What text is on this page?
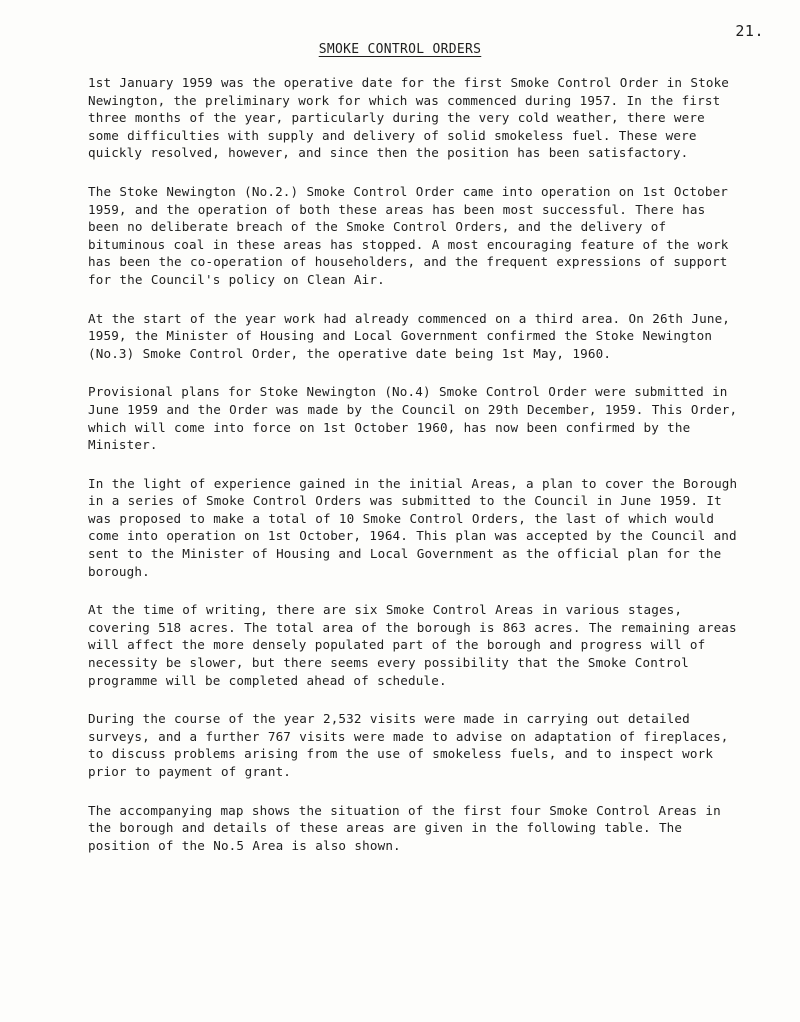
21.
SMOKE CONTROL ORDERS

1st January 1959 was the operative date for the first Smoke Control Order in Stoke Newington, the preliminary work for which was commenced during 1957. In the first three months of the year, particularly during the very cold weather, there were some difficulties with supply and delivery of solid smokeless fuel. These were quickly resolved, however, and since then the position has been satisfactory.

The Stoke Newington (No.2.) Smoke Control Order came into operation on 1st October 1959, and the operation of both these areas has been most successful. There has been no deliberate breach of the Smoke Control Orders, and the delivery of bituminous coal in these areas has stopped. A most encouraging feature of the work has been the co-operation of householders, and the frequent expressions of support for the Council's policy on Clean Air.

At the start of the year work had already commenced on a third area. On 26th June, 1959, the Minister of Housing and Local Government confirmed the Stoke Newington (No.3) Smoke Control Order, the operative date being 1st May, 1960.

Provisional plans for Stoke Newington (No.4) Smoke Control Order were submitted in June 1959 and the Order was made by the Council on 29th December, 1959. This Order, which will come into force on 1st October 1960, has now been confirmed by the Minister.

In the light of experience gained in the initial Areas, a plan to cover the Borough in a series of Smoke Control Orders was submitted to the Council in June 1959. It was proposed to make a total of 10 Smoke Control Orders, the last of which would come into operation on 1st October, 1964. This plan was accepted by the Council and sent to the Minister of Housing and Local Government as the official plan for the borough.

At the time of writing, there are six Smoke Control Areas in various stages, covering 518 acres. The total area of the borough is 863 acres. The remaining areas will affect the more densely populated part of the borough and progress will of necessity be slower, but there seems every possibility that the Smoke Control programme will be completed ahead of schedule.

During the course of the year 2,532 visits were made in carrying out detailed surveys, and a further 767 visits were made to advise on adaptation of fireplaces, to discuss problems arising from the use of smokeless fuels, and to inspect work prior to payment of grant.

The accompanying map shows the situation of the first four Smoke Control Areas in the borough and details of these areas are given in the following table. The position of the No.5 Area is also shown.
